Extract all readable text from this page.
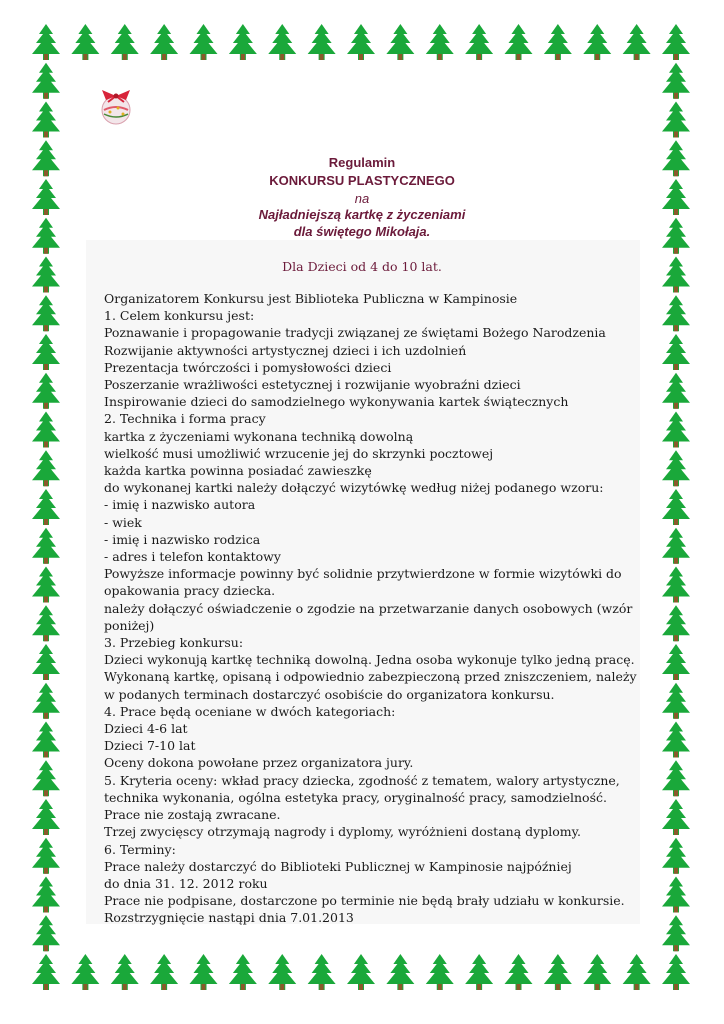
Regulamin
KONKURSU PLASTYCZNEGO
na
Najładniejszą kartkę z życzeniami
dla świętego Mikołaja.
Dla Dzieci od 4 do 10 lat.
Organizatorem Konkursu jest Biblioteka Publiczna w Kampinosie
1. Celem konkursu jest:
Poznawanie i propagowanie tradycji związanej ze świętami Bożego Narodzenia
Rozwijanie aktywności artystycznej dzieci i ich uzdolnień
Prezentacja twórczości i pomysłowości dzieci
Poszerzanie wrażliwości estetycznej i rozwijanie wyobraźni dzieci
Inspirowanie dzieci do samodzielnego wykonywania kartek świątecznych
2. Technika i forma pracy
kartka z życzeniami wykonana techniką dowolną
wielkość musi umożliwić wrzucenie jej do skrzynki pocztowej
każda kartka powinna posiadać zawieszkę
do wykonanej kartki należy dołączyć wizytówkę według niżej podanego wzoru:
- imię i nazwisko autora
- wiek
- imię i nazwisko rodzica
- adres i telefon kontaktowy
Powyższe informacje powinny być solidnie przytwierdzone w formie wizytówki do
opakowania pracy dziecka.
należy dołączyć oświadczenie o zgodzie na przetwarzanie danych osobowych (wzór
poniżej)
3. Przebieg konkursu:
Dzieci wykonują kartkę techniką dowolną. Jedna osoba wykonuje tylko jedną pracę.
Wykonaną kartkę, opisaną i odpowiednio zabezpieczoną przed zniszczeniem, należy
w podanych terminach dostarczyć osobiście do organizatora konkursu.
4. Prace będą oceniane w dwóch kategoriach:
Dzieci 4-6 lat
Dzieci 7-10 lat
Oceny dokona powołane przez organizatora jury.
5. Kryteria oceny: wkład pracy dziecka, zgodność z tematem, walory artystyczne,
technika wykonania, ogólna estetyka pracy, oryginalność pracy, samodzielność.
Prace nie zostają zwracane.
Trzej zwycięscy otrzymają nagrody i dyplomy, wyróżnieni dostaną dyplomy.
6. Terminy:
Prace należy dostarczyć do Biblioteki Publicznej w Kampinosie najpóźniej
do dnia 31. 12. 2012 roku
Prace nie podpisane, dostarczone po terminie nie będą brały udziału w konkursie.
Rozstrzygnięcie nastąpi dnia 7.01.2013
